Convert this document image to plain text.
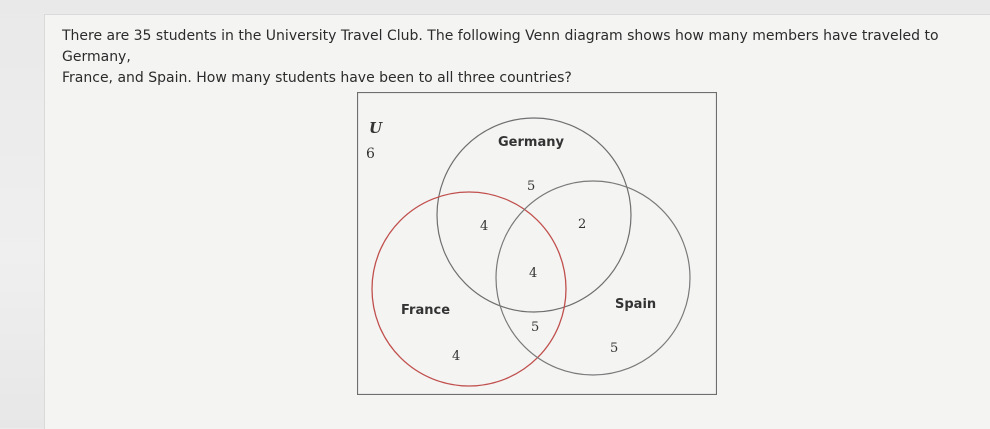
There are 35 students in the University Travel Club. The following Venn diagram shows how many members have traveled to Germany,
France, and Spain. How many students have been to all three countries?
U
6
Germany
France	Spain
5
4	2
4
5
4
5
